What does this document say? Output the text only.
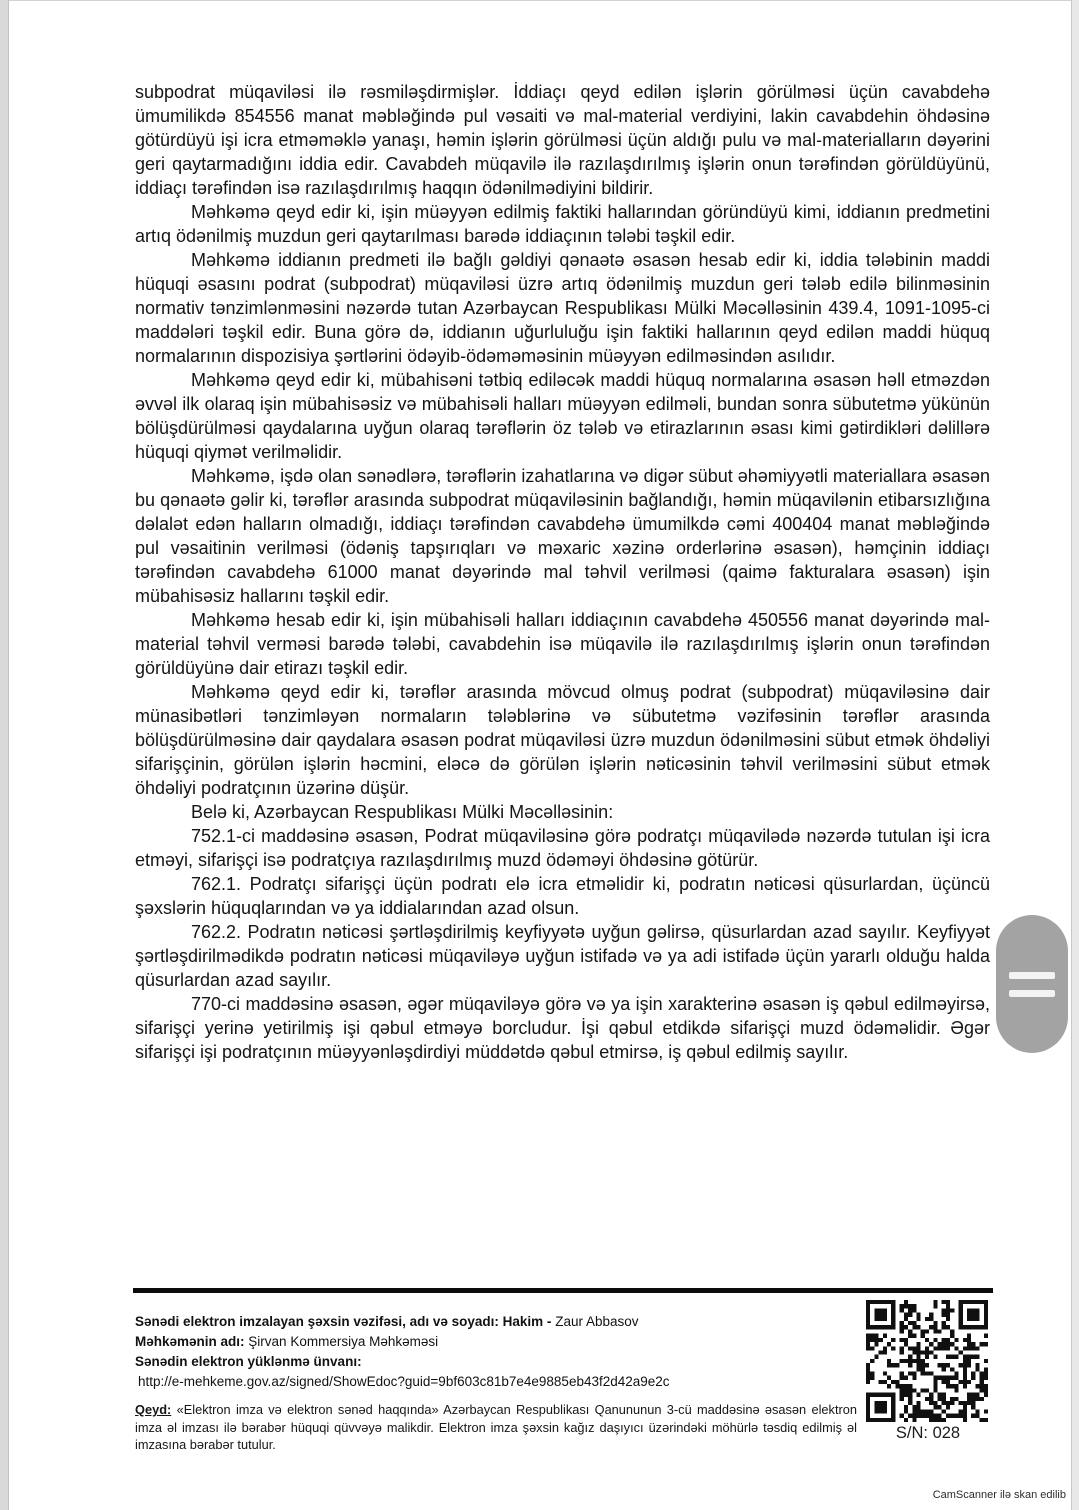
subpodrat müqaviləsi ilə rəsmiləşdirmişlər. İddiaçı qeyd edilən işlərin görülməsi üçün cavabdehə ümumilikdə 854556 manat məbləğində pul vəsaiti və mal-material verdiyini, lakin cavabdehin öhdəsinə götürdüyü işi icra etməməklə yanaşı, həmin işlərin görülməsi üçün aldığı pulu və mal-materialların dəyərini geri qaytarmadığını iddia edir. Cavabdeh müqavilə ilə razılaşdırılmış işlərin onun tərəfindən görüldüyünü, iddiaçı tərəfindən isə razılaşdırılmış haqqın ödənilmədiyini bildirir.

Məhkəmə qeyd edir ki, işin müəyyən edilmiş faktiki hallarından göründüyü kimi, iddianın predmetini artıq ödənilmiş muzdun geri qaytarılması barədə iddiaçının tələbi təşkil edir.

Məhkəmə iddianın predmeti ilə bağlı gəldiyi qənaətə əsasən hesab edir ki, iddia tələbinin maddi hüquqi əsasını podrat (subpodrat) müqaviləsi üzrə artıq ödənilmiş muzdun geri tələb edilə bilinməsinin normativ tənzimlənməsini nəzərdə tutan Azərbaycan Respublikası Mülki Məcəlləsinin 439.4, 1091-1095-ci maddələri təşkil edir. Buna görə də, iddianın uğurluluğu işin faktiki hallarının qeyd edilən maddi hüquq normalarının dispozisiya şərtlərini ödəyib-ödəməməsinin müəyyən edilməsindən asılıdır.

Məhkəmə qeyd edir ki, mübahisəni tətbiq ediləcək maddi hüquq normalarına əsasən həll etməzdən əvvəl ilk olaraq işin mübahisəsiz və mübahisəli halları müəyyən edilməli, bundan sonra sübutetmə yükünün bölüşdürülməsi qaydalarına uyğun olaraq tərəflərin öz tələb və etirazlarının əsası kimi gətirdikləri dəlillərə hüquqi qiymət verilməlidir.

Məhkəmə, işdə olan sənədlərə, tərəflərin izahatlarına və digər sübut əhəmiyyətli materiallara əsasən bu qənaətə gəlir ki, tərəflər arasında subpodrat müqaviləsinin bağlandığı, həmin müqavilənin etibarsızlığına dəlalət edən halların olmadığı, iddiaçı tərəfindən cavabdehə ümumilkdə cəmi 400404 manat məbləğində pul vəsaitinin verilməsi (ödəniş tapşırıqları və məxaric xəzinə orderlərinə əsasən), həmçinin iddiaçı tərəfindən cavabdehə 61000 manat dəyərində mal təhvil verilməsi (qaimə fakturalara əsasən) işin mübahisəsiz hallarını təşkil edir.

Məhkəmə hesab edir ki, işin mübahisəli halları iddiaçının cavabdehə 450556 manat dəyərində mal-material təhvil verməsi barədə tələbi, cavabdehin isə müqavilə ilə razılaşdırılmış işlərin onun tərəfindən görüldüyünə dair etirazı təşkil edir.

Məhkəmə qeyd edir ki, tərəflər arasında mövcud olmuş podrat (subpodrat) müqaviləsinə dair münasibətləri tənzimləyən normaların tələblərinə və sübutetmə vəzifəsinin tərəflər arasında bölüşdürülməsinə dair qaydalara əsasən podrat müqaviləsi üzrə muzdun ödənilməsini sübut etmək öhdəliyi sifarişçinin, görülən işlərin həcmini, eləcə də görülən işlərin nəticəsinin təhvil verilməsini sübut etmək öhdəliyi podratçının üzərinə düşür.

Belə ki, Azərbaycan Respublikası Mülki Məcəlləsinin:

752.1-ci maddəsinə əsasən, Podrat müqaviləsinə görə podratçı müqavilədə nəzərdə tutulan işi icra etməyi, sifarişçi isə podratçıya razılaşdırılmış muzd ödəməyi öhdəsinə götürür.

762.1. Podratçı sifarişçi üçün podratı elə icra etməlidir ki, podratın nəticəsi qüsurlardan, üçüncü şəxslərin hüquqlarından və ya iddialarından azad olsun.

762.2. Podratın nəticəsi şərtləşdirilmiş keyfiyyətə uyğun gəlirsə, qüsurlardan azad sayılır. Keyfiyyət şərtləşdirilmədikdə podratın nəticəsi müqaviləyə uyğun istifadə və ya adi istifadə üçün yararlı olduğu halda qüsurlardan azad sayılır.

770-ci maddəsinə əsasən, əgər müqaviləyə görə və ya işin xarakterinə əsasən iş qəbul edilməyirsə, sifarişçi yerinə yetirilmiş işi qəbul etməyə borcludur. İşi qəbul etdikdə sifarişçi muzd ödəməlidir. Əgər sifarişçi işi podratçının müəyyənləşdirdiyi müddətdə qəbul etmirsə, iş qəbul edilmiş sayılır.

Sənədi elektron imzalayan şəxsin vəzifəsi, adı və soyadı: Hakim - Zaur Abbasov
Məhkəmənin adı: Şirvan Kommersiya Məhkəməsi
Sənədin elektron yüklənmə ünvanı:
http://e-mehkeme.gov.az/signed/ShowEdoc?guid=9bf603c81b7e4e9885eb43f2d42a9e2c
Qeyd: «Elektron imza və elektron sənəd haqqında» Azərbaycan Respublikası Qanununun 3-cü maddəsinə əsasən elektron imza əl imzası ilə bərabər hüquqi qüvvəyə malikdir. Elektron imza şəxsin kağız daşıyıcı üzərindəki möhürlə təsdiq edilmiş əl imzasına bərabər tutulur.
S/N: 028
CamScanner ilə skan edilib
